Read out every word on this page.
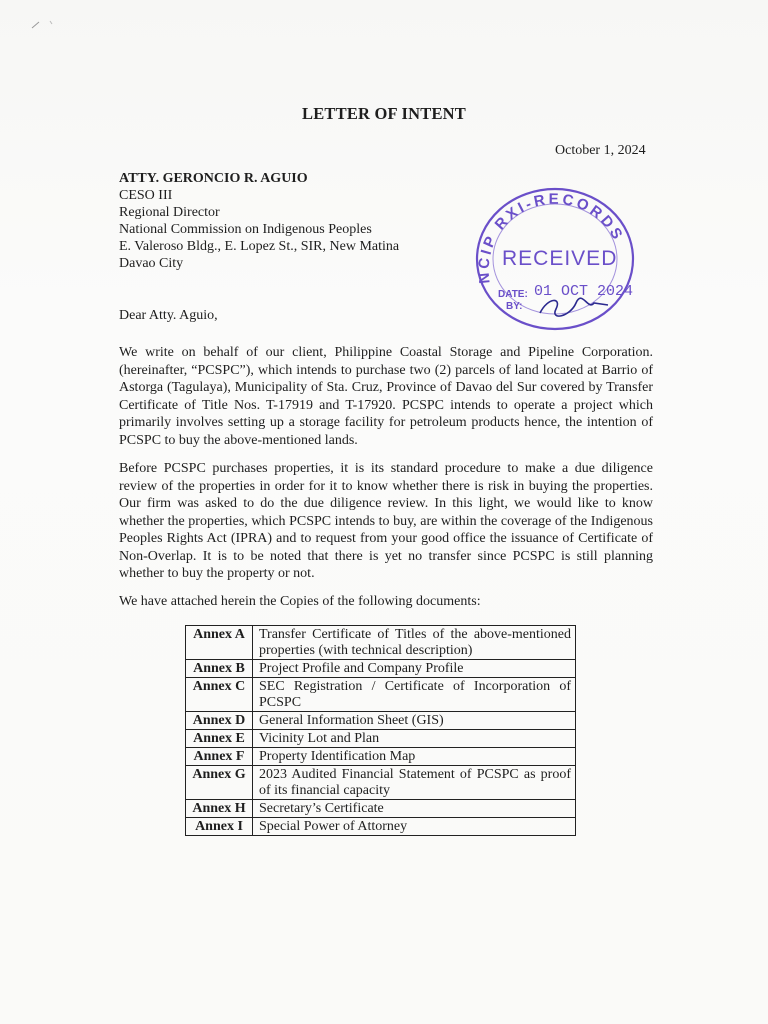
LETTER OF INTENT
October 1, 2024
ATTY. GERONCIO R. AGUIO
CESO III
Regional Director
National Commission on Indigenous Peoples
E. Valeroso Bldg., E. Lopez St., SIR, New Matina
Davao City
NCIP RXI-RECORDS
RECEIVED
DATE:
BY:
01 OCT 2024
Dear Atty. Aguio,

We write on behalf of our client, Philippine Coastal Storage and Pipeline Corporation. (hereinafter, “PCSPC”), which intends to purchase two (2) parcels of land located at Barrio of Astorga (Tagulaya), Municipality of Sta. Cruz, Province of Davao del Sur covered by Transfer Certificate of Title Nos. T-17919 and T-17920. PCSPC intends to operate a project which primarily involves setting up a storage facility for petroleum products hence, the intention of PCSPC to buy the above-mentioned lands.

Before PCSPC purchases properties, it is its standard procedure to make a due diligence review of the properties in order for it to know whether there is risk in buying the properties. Our firm was asked to do the due diligence review. In this light, we would like to know whether the properties, which PCSPC intends to buy, are within the coverage of the Indigenous Peoples Rights Act (IPRA) and to request from your good office the issuance of Certificate of Non-Overlap. It is to be noted that there is yet no transfer since PCSPC is still planning whether to buy the property or not.

We have attached herein the Copies of the following documents:
Annex A	Transfer Certificate of Titles of the above-mentioned properties (with technical description)
Annex B	Project Profile and Company Profile
Annex C	SEC Registration / Certificate of Incorporation of PCSPC
Annex D	General Information Sheet (GIS)
Annex E	Vicinity Lot and Plan
Annex F	Property Identification Map
Annex G	2023 Audited Financial Statement of PCSPC as proof of its financial capacity
Annex H	Secretary’s Certificate
Annex I	Special Power of Attorney
